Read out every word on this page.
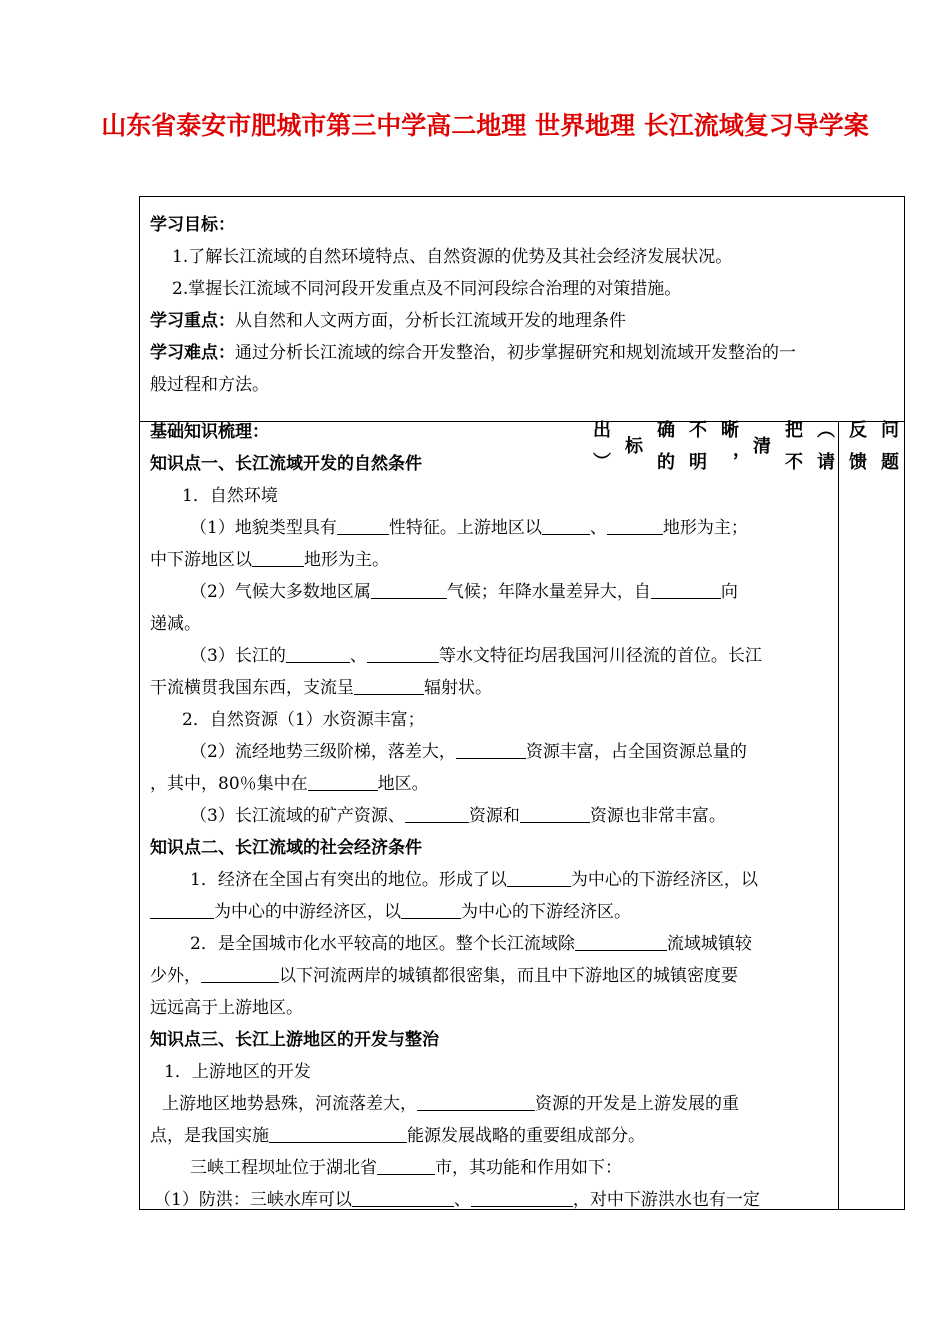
山东省泰安市肥城市第三中学高二地理 世界地理 长江流域复习导学案
学习目标：
1.了解长江流域的自然环境特点、自然资源的优势及其社会经济发展状况。
2.掌握长江流域不同河段开发重点及不同河段综合治理的对策措施。
学习重点：从自然和人文两方面，分析长江流域开发的地理条件
学习难点：通过分析长江流域的综合开发整治，初步掌握研究和规划流域开发整治的一
般过程和方法。
基础知识梳理：
知识点一、长江流域开发的自然条件
1．自然环境
（1）地貌类型具有	性特征。上游地区以	、	地形为主；
中下游地区以	地形为主。
（2）气候大多数地区属	气候；年降水量差异大，自	向
递减。
（3）长江的	、	等水文特征均居我国河川径流的首位。长江
干流横贯我国东西，支流呈	辐射状。
2．自然资源（1）水资源丰富；
（2）流经地势三级阶梯，落差大，	资源丰富，占全国资源总量的
，其中，80％集中在	地区。
（3）长江流域的矿产资源、	资源和	资源也非常丰富。
知识点二、长江流域的社会经济条件
1．经济在全国占有突出的地位。形成了以	为中心的下游经济区，以
为中心的中游经济区，以	为中心的下游经济区。
2．是全国城市化水平较高的地区。整个长江流域除	流域城镇较
少外，	以下河流两岸的城镇都很密集，而且中下游地区的城镇密度要
远远高于上游地区。
知识点三、长江上游地区的开发与整治
1．上游地区的开发
上游地区地势悬殊，河流落差大，	资源的开发是上游发展的重
点，是我国实施	能源发展战略的重要组成部分。
三峡工程坝址位于湖北省	市，其功能和作用如下：
（1）防洪：三峡水库可以	、	，对中下游洪水也有一定
问题反馈（请把不清晰，不明确的标出）
